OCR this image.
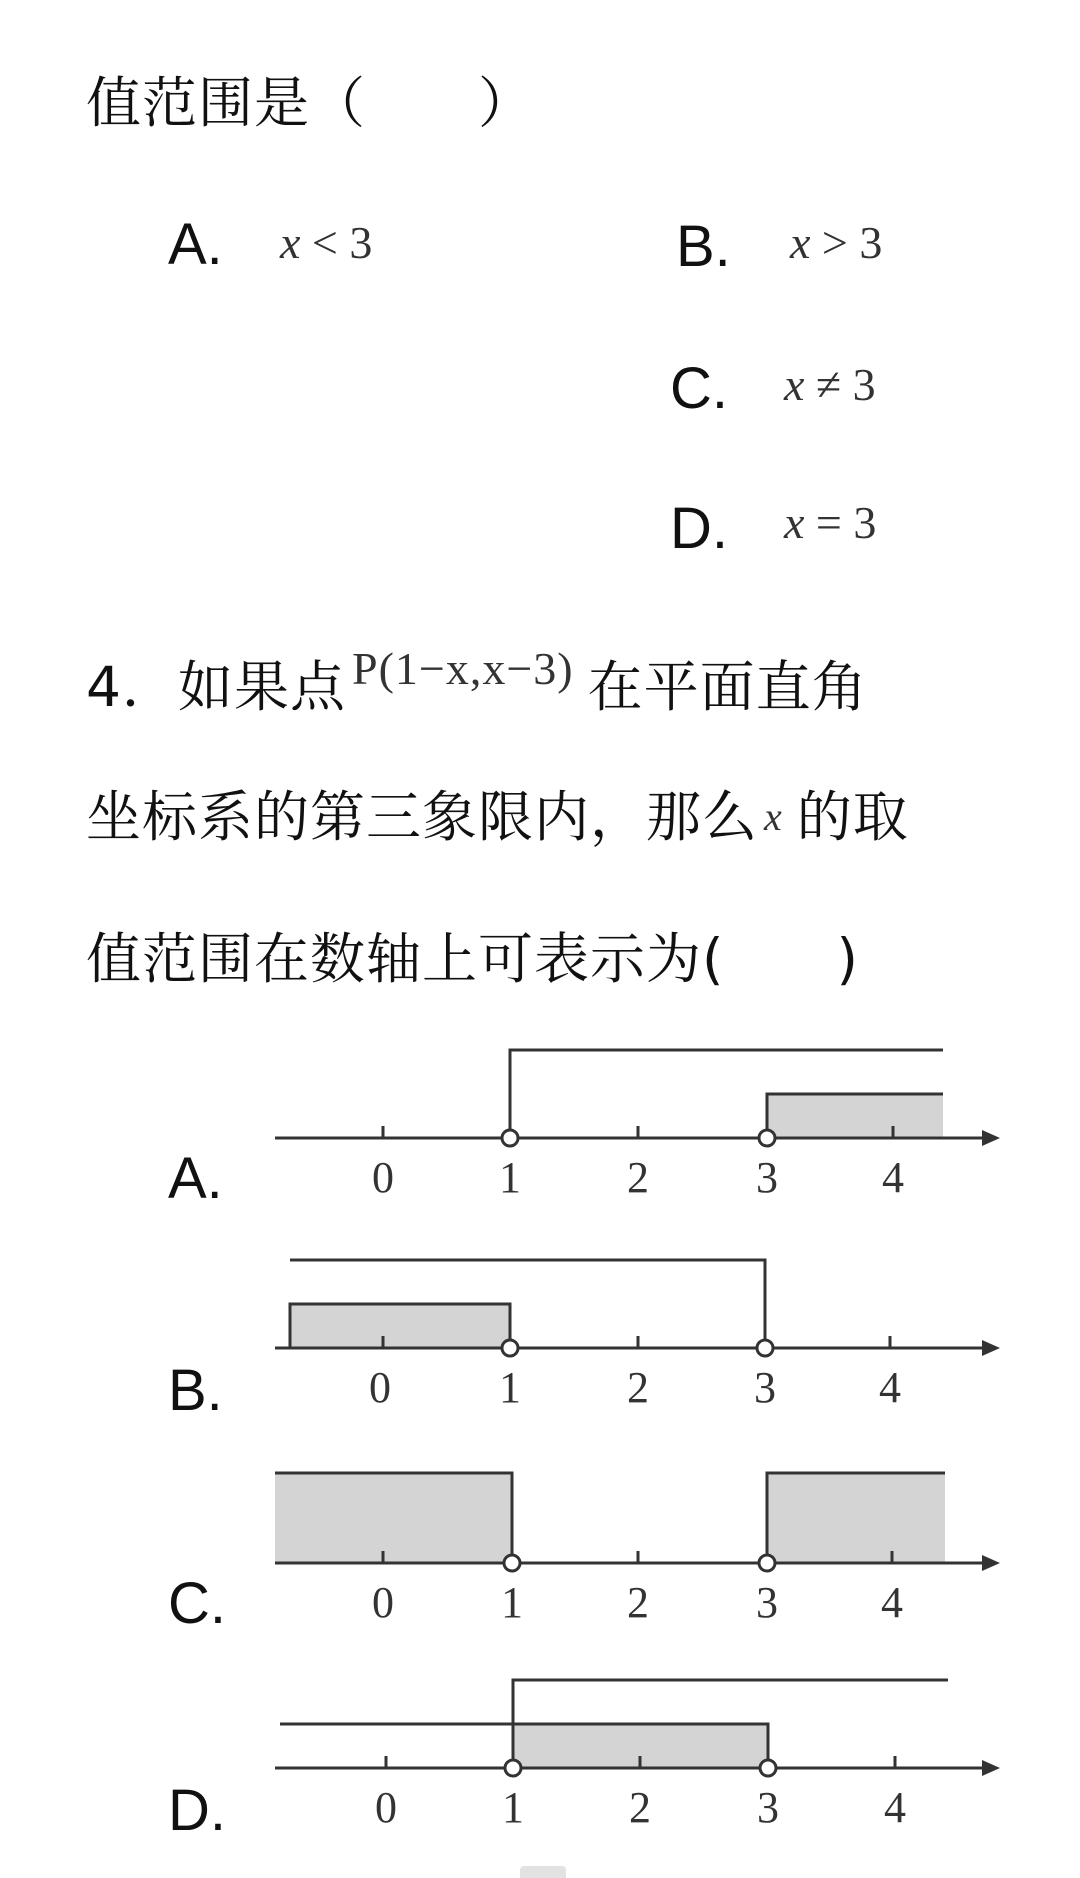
值范围是（　　）
A. x < 3	B. x > 3
C. x ≠ 3
D. x = 3
4．如果点 $^{P(1-x,x-3)}$ 在平面直角
坐标系的第三象限内，那么 x 的取
值范围在数轴上可表示为(　　)
A.	0 1 2 3 4
B.	0 1 2 3 4
C.	0 1 2 3 4
D.	0 1 2 3 4
